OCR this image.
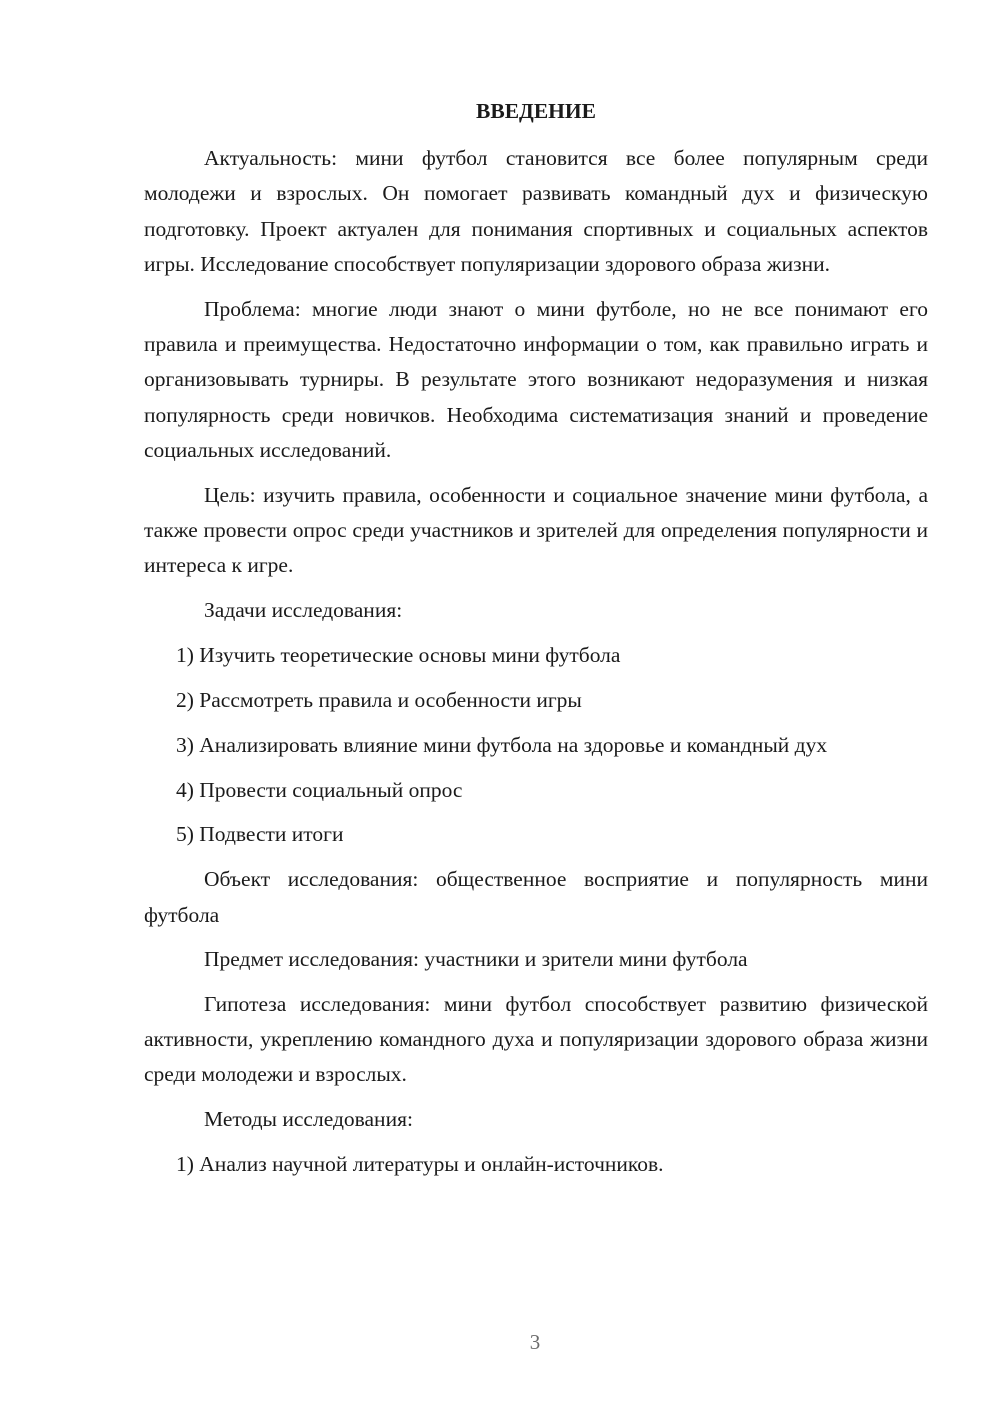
ВВЕДЕНИЕ
Актуальность: мини футбол становится все более популярным среди молодежи и взрослых. Он помогает развивать командный дух и физическую подготовку. Проект актуален для понимания спортивных и социальных аспектов игры. Исследование способствует популяризации здорового образа жизни.
Проблема: многие люди знают о мини футболе, но не все понимают его правила и преимущества. Недостаточно информации о том, как правильно играть и организовывать турниры. В результате этого возникают недоразумения и низкая популярность среди новичков. Необходима систематизация знаний и проведение социальных исследований.
Цель: изучить правила, особенности и социальное значение мини футбола, а также провести опрос среди участников и зрителей для определения популярности и интереса к игре.
Задачи исследования:
1) Изучить теоретические основы мини футбола
2) Рассмотреть правила и особенности игры
3) Анализировать влияние мини футбола на здоровье и командный дух
4) Провести социальный опрос
5) Подвести итоги
Объект исследования: общественное восприятие и популярность мини футбола
Предмет исследования: участники и зрители мини футбола
Гипотеза исследования: мини футбол способствует развитию физической активности, укреплению командного духа и популяризации здорового образа жизни среди молодежи и взрослых.
Методы исследования:
1) Анализ научной литературы и онлайн-источников.
3
